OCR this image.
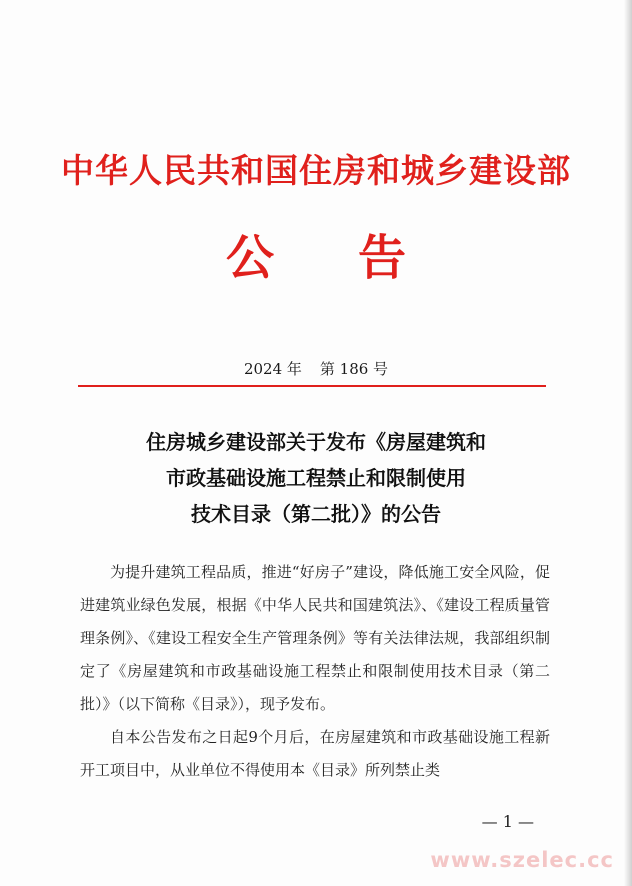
中华人民共和国住房和城乡建设部
公 告
2024 年 第 186 号
住房城乡建设部关于发布《房屋建筑和
市政基础设施工程禁止和限制使用
技术目录（第二批）》的公告

为提升建筑工程品质，推进“好房子”建设，降低施工安全风险，促进建筑业绿色发展，根据《中华人民共和国建筑法》、《建设工程质量管理条例》、《建设工程安全生产管理条例》等有关法律法规，我部组织制定了《房屋建筑和市政基础设施工程禁止和限制使用技术目录（第二批）》（以下简称《目录》），现予发布。

自本公告发布之日起9个月后，在房屋建筑和市政基础设施工程新开工项目中，从业单位不得使用本《目录》所列禁止类

— 1 —
www.szelec.cc
